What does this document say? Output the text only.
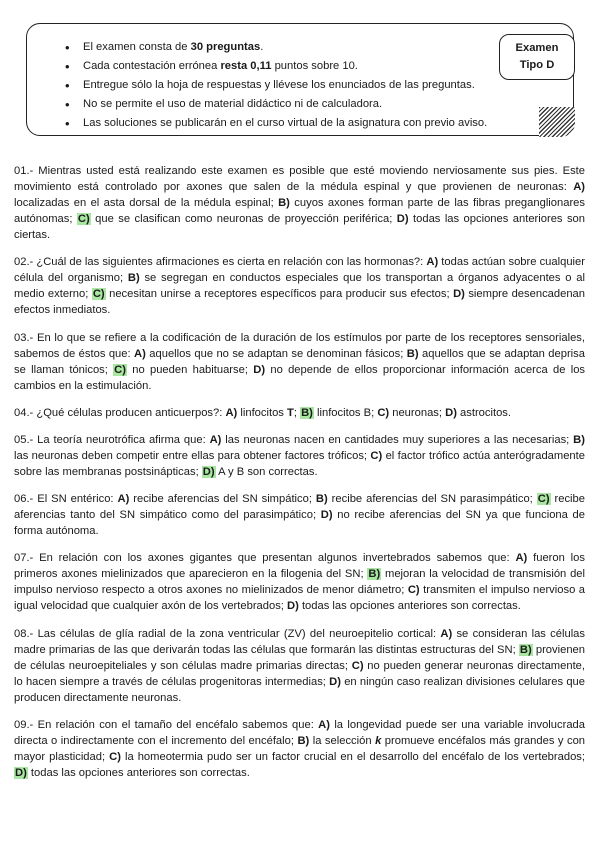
• El examen consta de 30 preguntas.
• Cada contestación errónea resta 0,11 puntos sobre 10.
• Entregue sólo la hoja de respuestas y llévese los enunciados de las preguntas.
• No se permite el uso de material didáctico ni de calculadora.
• Las soluciones se publicarán en el curso virtual de la asignatura con previo aviso.
Examen
Tipo D

01.- Mientras usted está realizando este examen es posible que esté moviendo nerviosamente sus pies. Este movimiento está controlado por axones que salen de la médula espinal y que provienen de neuronas: A) localizadas en el asta dorsal de la médula espinal; B) cuyos axones forman parte de las fibras preganglionares autónomas; C) que se clasifican como neuronas de proyección periférica; D) todas las opciones anteriores son ciertas.

02.- ¿Cuál de las siguientes afirmaciones es cierta en relación con las hormonas?: A) todas actúan sobre cualquier célula del organismo; B) se segregan en conductos especiales que los transportan a órganos adyacentes o al medio externo; C) necesitan unirse a receptores específicos para producir sus efectos; D) siempre desencadenan efectos inmediatos.

03.- En lo que se refiere a la codificación de la duración de los estímulos por parte de los receptores sensoriales, sabemos de éstos que: A) aquellos que no se adaptan se denominan fásicos; B) aquellos que se adaptan deprisa se llaman tónicos; C) no pueden habituarse; D) no depende de ellos proporcionar información acerca de los cambios en la estimulación.

04.- ¿Qué células producen anticuerpos?: A) linfocitos T; B) linfocitos B; C) neuronas; D) astrocitos.

05.- La teoría neurotrófica afirma que: A) las neuronas nacen en cantidades muy superiores a las necesarias; B) las neuronas deben competir entre ellas para obtener factores tróficos; C) el factor trófico actúa anterógradamente sobre las membranas postsinápticas; D) A y B son correctas.

06.- El SN entérico: A) recibe aferencias del SN simpático; B) recibe aferencias del SN parasimpático; C) recibe aferencias tanto del SN simpático como del parasimpático; D) no recibe aferencias del SN ya que funciona de forma autónoma.

07.- En relación con los axones gigantes que presentan algunos invertebrados sabemos que: A) fueron los primeros axones mielinizados que aparecieron en la filogenia del SN; B) mejoran la velocidad de transmisión del impulso nervioso respecto a otros axones no mielinizados de menor diámetro; C) transmiten el impulso nervioso a igual velocidad que cualquier axón de los vertebrados; D) todas las opciones anteriores son correctas.

08.- Las células de glía radial de la zona ventricular (ZV) del neuroepitelio cortical: A) se consideran las células madre primarias de las que derivarán todas las células que formarán las distintas estructuras del SN; B) provienen de células neuroepiteliales y son células madre primarias directas; C) no pueden generar neuronas directamente, lo hacen siempre a través de células progenitoras intermedias; D) en ningún caso realizan divisiones celulares que producen directamente neuronas.

09.- En relación con el tamaño del encéfalo sabemos que: A) la longevidad puede ser una variable involucrada directa o indirectamente con el incremento del encéfalo; B) la selección k promueve encéfalos más grandes y con mayor plasticidad; C) la homeotermia pudo ser un factor crucial en el desarrollo del encéfalo de los vertebrados; D) todas las opciones anteriores son correctas.
